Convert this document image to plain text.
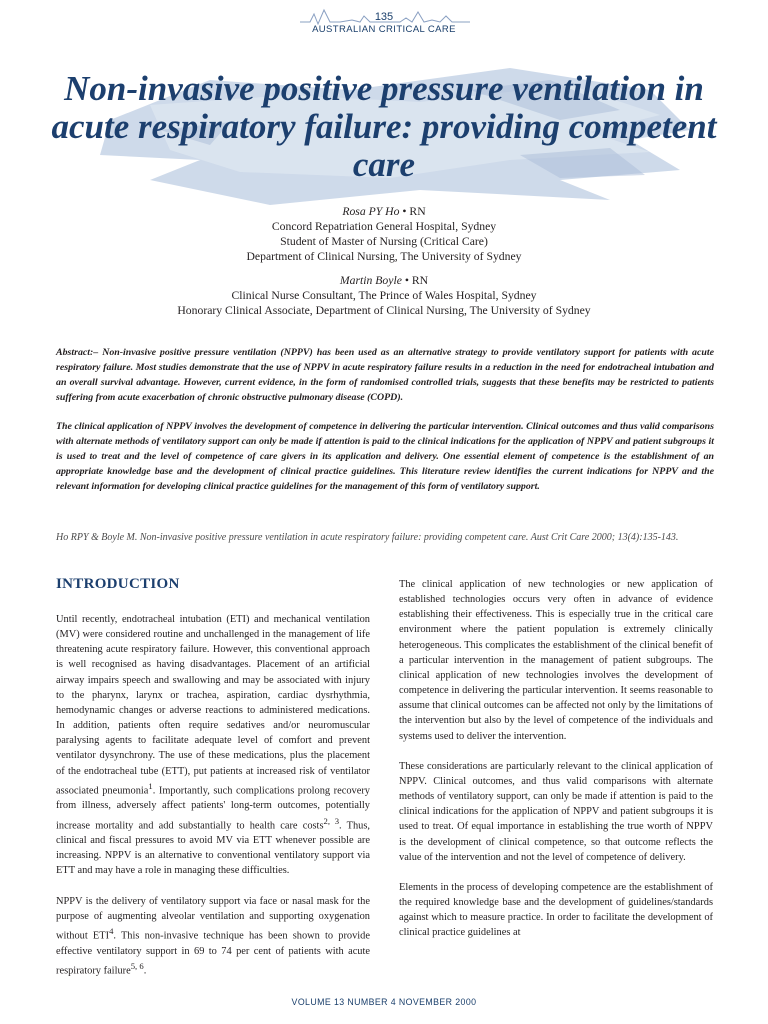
135
AUSTRALIAN CRITICAL CARE
Non-invasive positive pressure ventilation in acute respiratory failure: providing competent care
Rosa PY Ho • RN
Concord Repatriation General Hospital, Sydney
Student of Master of Nursing (Critical Care)
Department of Clinical Nursing, The University of Sydney
Martin Boyle • RN
Clinical Nurse Consultant, The Prince of Wales Hospital, Sydney
Honorary Clinical Associate, Department of Clinical Nursing, The University of Sydney

Abstract:– Non-invasive positive pressure ventilation (NPPV) has been used as an alternative strategy to provide ventilatory support for patients with acute respiratory failure. Most studies demonstrate that the use of NPPV in acute respiratory failure results in a reduction in the need for endotracheal intubation and an overall survival advantage. However, current evidence, in the form of randomised controlled trials, suggests that these benefits may be restricted to patients suffering from acute exacerbation of chronic obstructive pulmonary disease (COPD).

The clinical application of NPPV involves the development of competence in delivering the particular intervention. Clinical outcomes and thus valid comparisons with alternate methods of ventilatory support can only be made if attention is paid to the clinical indications for the application of NPPV and patient subgroups it is used to treat and the level of competence of care givers in its application and delivery. One essential element of competence is the establishment of an appropriate knowledge base and the development of clinical practice guidelines. This literature review identifies the current indications for NPPV and the relevant information for developing clinical practice guidelines for the management of this form of ventilatory support.

Ho RPY & Boyle M. Non-invasive positive pressure ventilation in acute respiratory failure: providing competent care. Aust Crit Care 2000; 13(4):135-143.
INTRODUCTION

Until recently, endotracheal intubation (ETI) and mechanical ventilation (MV) were considered routine and unchallenged in the management of life threatening acute respiratory failure. However, this conventional approach is well recognised as having disadvantages. Placement of an artificial airway impairs speech and swallowing and may be associated with injury to the pharynx, larynx or trachea, aspiration, cardiac dysrhythmia, hemodynamic changes or adverse reactions to administered medications. In addition, patients often require sedatives and/or neuromuscular paralysing agents to facilitate adequate level of comfort and prevent ventilator dysynchrony. The use of these medications, plus the placement of the endotracheal tube (ETT), put patients at increased risk of ventilator associated pneumonia$^1$. Importantly, such complications prolong recovery from illness, adversely affect patients' long-term outcomes, potentially increase mortality and add substantially to health care costs$^{2, 3}$. Thus, clinical and fiscal pressures to avoid MV via ETT whenever possible are increasing. NPPV is an alternative to conventional ventilatory support via ETT and may have a role in managing these difficulties.

NPPV is the delivery of ventilatory support via face or nasal mask for the purpose of augmenting alveolar ventilation and supporting oxygenation without ETI$^4$. This non-invasive technique has been shown to provide effective ventilatory support in 69 to 74 per cent of patients with acute respiratory failure$^{5, 6}$.

The clinical application of new technologies or new application of established technologies occurs very often in advance of evidence establishing their effectiveness. This is especially true in the critical care environment where the patient population is extremely clinically heterogeneous. This complicates the establishment of the clinical benefit of a particular intervention in the management of patient subgroups. The clinical application of new technologies involves the development of competence in delivering the particular intervention. It seems reasonable to assume that clinical outcomes can be affected not only by the limitations of the intervention but also by the level of competence of the individuals and systems used to deliver the intervention.

These considerations are particularly relevant to the clinical application of NPPV. Clinical outcomes, and thus valid comparisons with alternate methods of ventilatory support, can only be made if attention is paid to the clinical indications for the application of NPPV and patient subgroups it is used to treat. Of equal importance in establishing the true worth of NPPV is the development of clinical competence, so that outcome reflects the value of the intervention and not the level of competence of delivery.

Elements in the process of developing competence are the establishment of the required knowledge base and the development of guidelines/standards against which to measure practice. In order to facilitate the development of clinical practice guidelines at

VOLUME 13 NUMBER 4 NOVEMBER 2000
